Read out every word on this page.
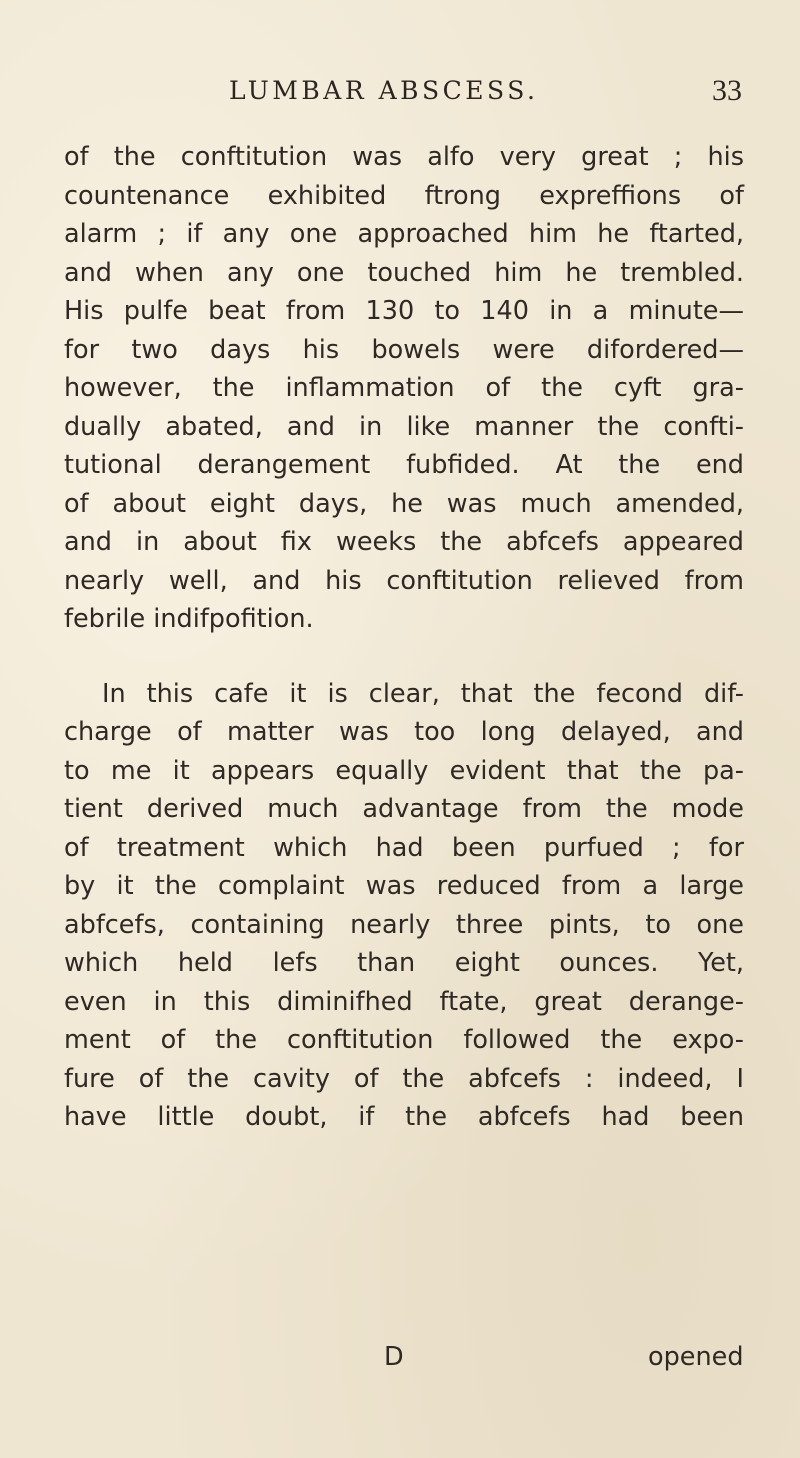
LUMBAR ABSCESS.	33
of the conftitution was alfo very great ; his
countenance exhibited ftrong expreffions of
alarm ; if any one approached him he ftarted,
and when any one touched him he trembled.
His pulfe beat from 130 to 140 in a minute—
for two days his bowels were difordered—
however, the inflammation of the cyft gra-
dually abated, and in like manner the confti-
tutional derangement fubfided. At the end
of about eight days, he was much amended,
and in about fix weeks the abfcefs appeared
nearly well, and his conftitution relieved from
febrile indifpofition.
In this cafe it is clear, that the fecond dif-
charge of matter was too long delayed, and
to me it appears equally evident that the pa-
tient derived much advantage from the mode
of treatment which had been purfued ; for
by it the complaint was reduced from a large
abfcefs, containing nearly three pints, to one
which held lefs than eight ounces. Yet,
even in this diminifhed ftate, great derange-
ment of the conftitution followed the expo-
fure of the cavity of the abfcefs : indeed, I
have little doubt, if the abfcefs had been
D	opened
